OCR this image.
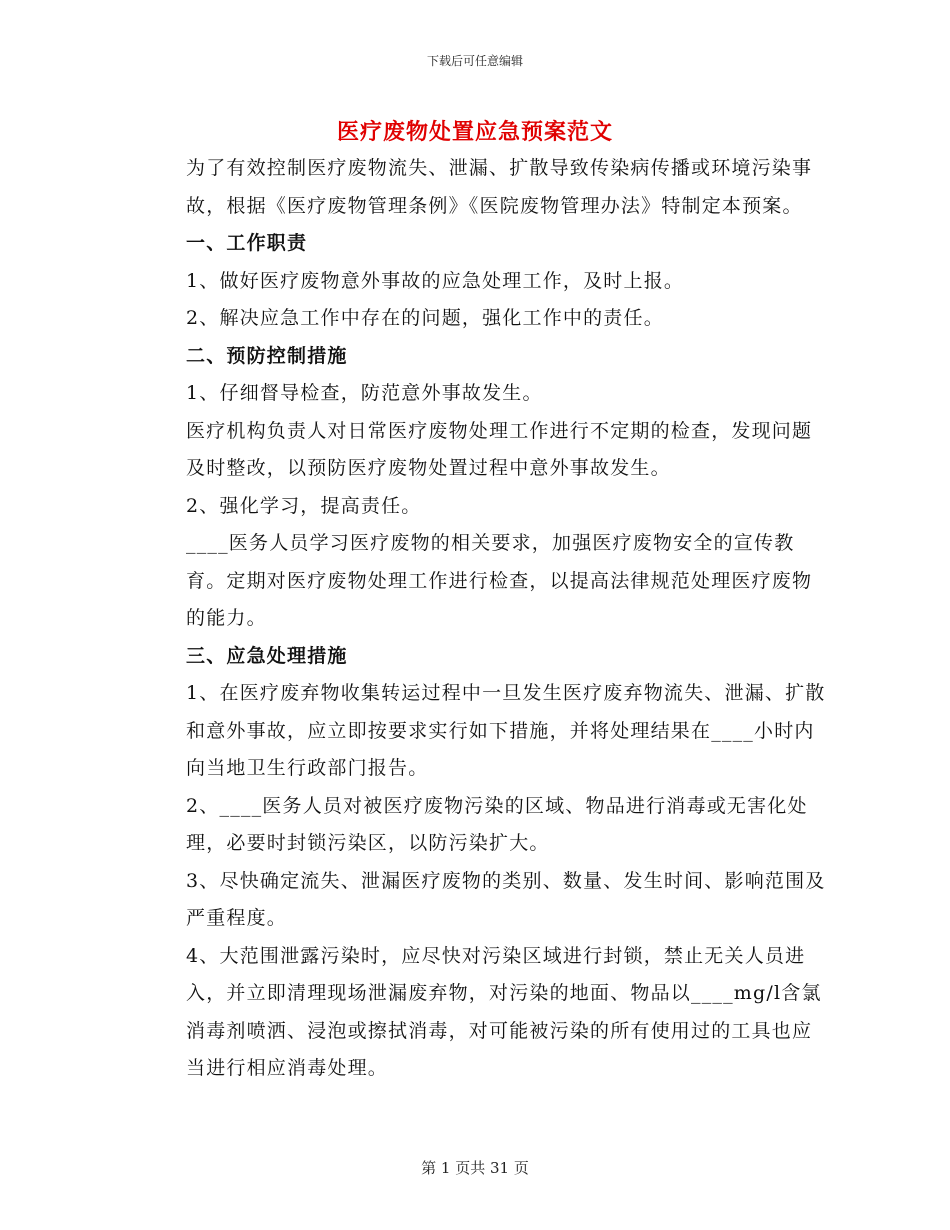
下载后可任意编辑
医疗废物处置应急预案范文

为了有效控制医疗废物流失、泄漏、扩散导致传染病传播或环境污染事故，根据《医疗废物管理条例》《医院废物管理办法》特制定本预案。

一、工作职责

1、做好医疗废物意外事故的应急处理工作，及时上报。

2、解决应急工作中存在的问题，强化工作中的责任。

二、预防控制措施

1、仔细督导检查，防范意外事故发生。

医疗机构负责人对日常医疗废物处理工作进行不定期的检查，发现问题及时整改，以预防医疗废物处置过程中意外事故发生。

2、强化学习，提高责任。

____医务人员学习医疗废物的相关要求，加强医疗废物安全的宣传教育。定期对医疗废物处理工作进行检查，以提高法律规范处理医疗废物的能力。

三、应急处理措施

1、在医疗废弃物收集转运过程中一旦发生医疗废弃物流失、泄漏、扩散和意外事故，应立即按要求实行如下措施，并将处理结果在____小时内向当地卫生行政部门报告。

2、____医务人员对被医疗废物污染的区域、物品进行消毒或无害化处理，必要时封锁污染区，以防污染扩大。

3、尽快确定流失、泄漏医疗废物的类别、数量、发生时间、影响范围及严重程度。

4、大范围泄露污染时，应尽快对污染区域进行封锁，禁止无关人员进入，并立即清理现场泄漏废弃物，对污染的地面、物品以____mg/l含氯消毒剂喷洒、浸泡或擦拭消毒，对可能被污染的所有使用过的工具也应当进行相应消毒处理。

第 1 页共 31 页
